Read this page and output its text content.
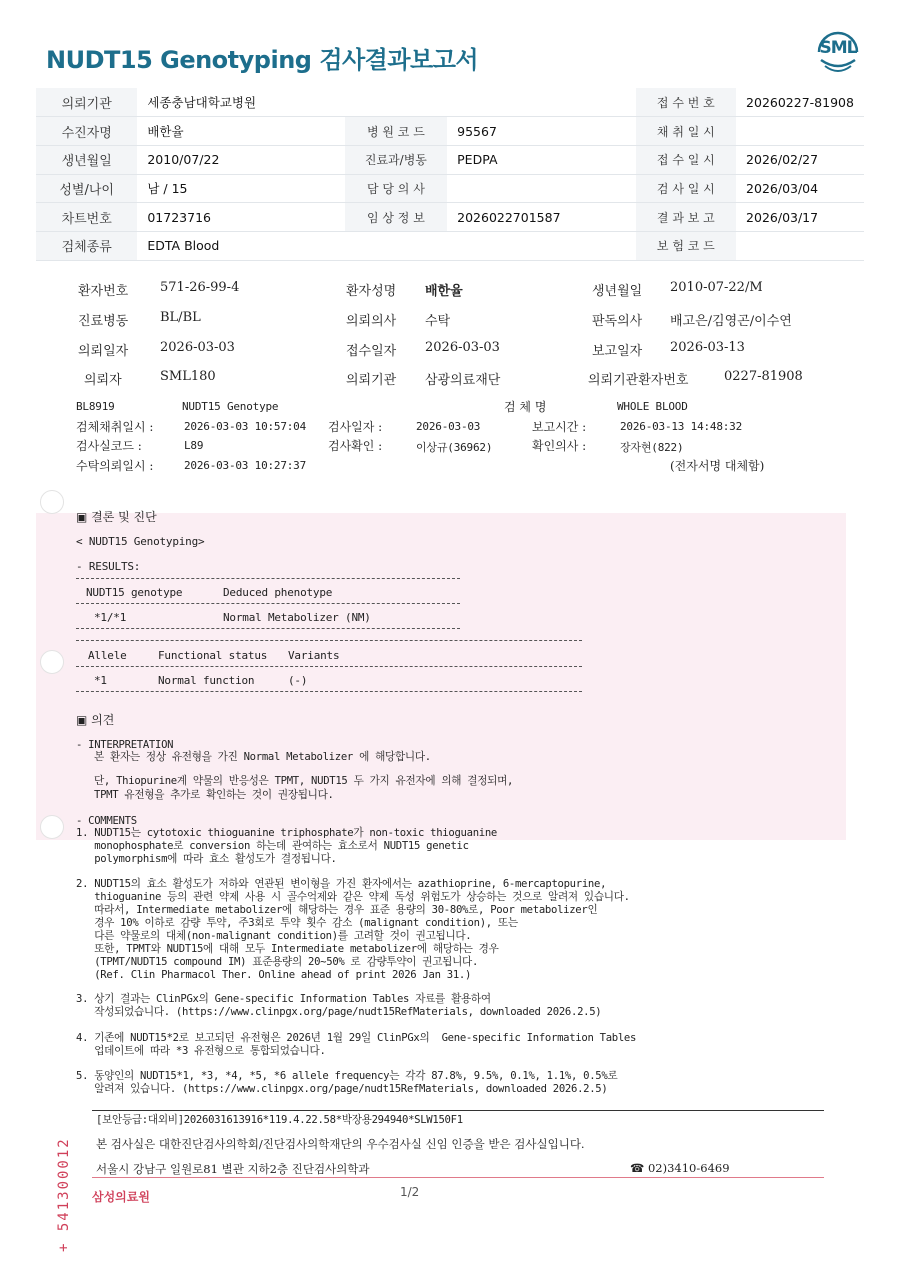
NUDT15 Genotyping 검사결과보고서	SML
의뢰기관	세종충남대학교병원			접 수 번 호	20260227-81908
수진자명	배한율	병 원 코 드	95567	채 취 일 시	
생년월일	2010/07/22	진료과/병동	PEDPA	접 수 일 시	2026/02/27
성별/나이	남 / 15	담 당 의 사		검 사 일 시	2026/03/04
차트번호	01723716	임 상 정 보	2026022701587	결 과 보 고	2026/03/17
검체종류	EDTA Blood			보 험 코 드	
환자번호 571-26-99-4	환자성명 배한율	생년월일 2010-07-22/M
진료병동 BL/BL	의뢰의사 수탁	판독의사 배고은/김영곤/이수연
의뢰일자 2026-03-03	접수일자 2026-03-03	보고일자 2026-03-13
의뢰자	SML180	의뢰기관 삼광의료재단	의뢰기관환자번호	0227-81908
BL8919	NUDT15 Genotype	검 체 명	WHOLE BLOOD
검체채취일시 :	2026-03-03 10:57:04 검사일자 :	2026-03-03	보고시간 :	2026-03-13 14:48:32
검사실코드 :	L89	검사확인 :	이상규(36962)	확인의사 :	장자현(822)
수탁의뢰일시 :	2026-03-03 10:27:37	(전자서명 대체함)
▣ 결론 및 진단
< NUDT15 Genotyping>
- RESULTS:
NUDT15 genotype	Deduced phenotype
*1/*1	Normal Metabolizer (NM)
Allele	Functional status Variants
*1	Normal function	(-)
▣ 의견
- INTERPRETATION
본 환자는 정상 유전형을 가진 Normal Metabolizer 에 해당합니다.
단, Thiopurine계 약물의 반응성은 TPMT, NUDT15 두 가지 유전자에 의해 결정되며,
TPMT 유전형을 추가로 확인하는 것이 권장됩니다.
- COMMENTS
1. NUDT15는 cytotoxic thioguanine triphosphate가 non-toxic thioguanine
monophosphate로 conversion 하는데 관여하는 효소로서 NUDT15 genetic
polymorphism에 따라 효소 활성도가 결정됩니다.
2. NUDT15의 효소 활성도가 저하와 연관된 변이형을 가진 환자에서는 azathioprine, 6-mercaptopurine,
thioguanine 등의 관련 약제 사용 시 골수억제와 같은 약제 독성 위험도가 상승하는 것으로 알려져 있습니다.
따라서, Intermediate metabolizer에 해당하는 경우 표준 용량의 30-80%로, Poor metabolizer인
경우 10% 이하로 감량 투약, 주3회로 투약 횟수 감소 (malignant condition), 또는
다른 약물로의 대체(non-malignant condition)를 고려할 것이 권고됩니다.
또한, TPMT와 NUDT15에 대해 모두 Intermediate metabolizer에 해당하는 경우
(TPMT/NUDT15 compound IM) 표준용량의 20~50% 로 감량투약이 권고됩니다.
(Ref. Clin Pharmacol Ther. Online ahead of print 2026 Jan 31.)
3. 상기 결과는 ClinPGx의 Gene-specific Information Tables 자료를 활용하여
작성되었습니다. (https://www.clinpgx.org/page/nudt15RefMaterials, downloaded 2026.2.5)
4. 기존에 NUDT15*2로 보고되던 유전형은 2026년 1월 29일 ClinPGx의  Gene-specific Information Tables
업데이트에 따라 *3 유전형으로 통합되었습니다.
5. 동양인의 NUDT15*1, *3, *4, *5, *6 allele frequency는 각각 87.8%, 9.5%, 0.1%, 1.1%, 0.5%로
알려져 있습니다. (https://www.clinpgx.org/page/nudt15RefMaterials, downloaded 2026.2.5)
+ 541300012
[보안등급:대외비]2026031613916*119.4.22.58*박장용294940*SLW150F1
본 검사실은 대한진단검사의학회/진단검사의학재단의 우수검사실 신임 인증을 받은 검사실입니다.
서울시 강남구 일원로81 별관 지하2층 진단검사의학과	☎ 02)3410-6469
삼성의료원	1/2
